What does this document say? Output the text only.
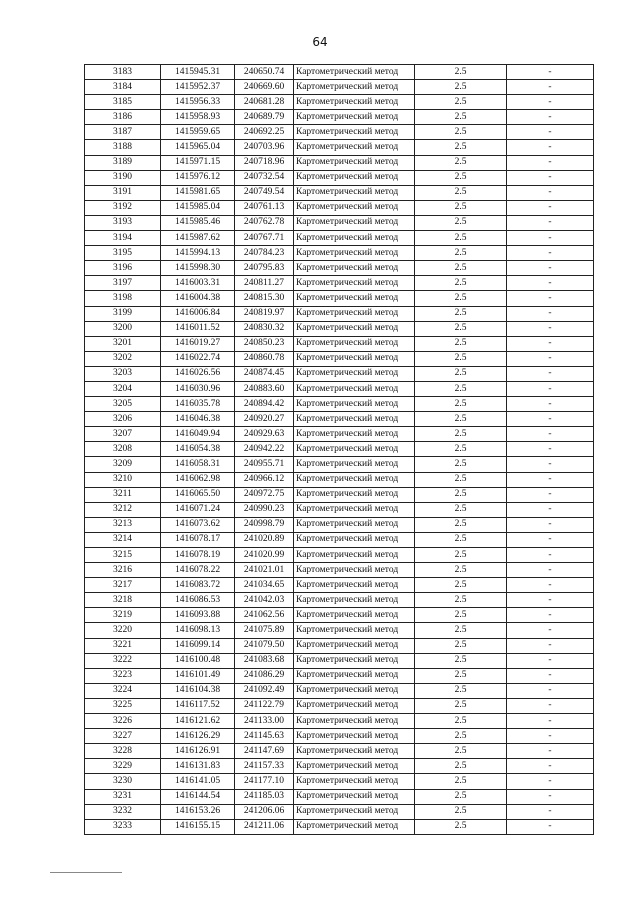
64
3183	1415945.31	240650.74	Картометрический метод	2.5	-
3184	1415952.37	240669.60	Картометрический метод	2.5	-
3185	1415956.33	240681.28	Картометрический метод	2.5	-
3186	1415958.93	240689.79	Картометрический метод	2.5	-
3187	1415959.65	240692.25	Картометрический метод	2.5	-
3188	1415965.04	240703.96	Картометрический метод	2.5	-
3189	1415971.15	240718.96	Картометрический метод	2.5	-
3190	1415976.12	240732.54	Картометрический метод	2.5	-
3191	1415981.65	240749.54	Картометрический метод	2.5	-
3192	1415985.04	240761.13	Картометрический метод	2.5	-
3193	1415985.46	240762.78	Картометрический метод	2.5	-
3194	1415987.62	240767.71	Картометрический метод	2.5	-
3195	1415994.13	240784.23	Картометрический метод	2.5	-
3196	1415998.30	240795.83	Картометрический метод	2.5	-
3197	1416003.31	240811.27	Картометрический метод	2.5	-
3198	1416004.38	240815.30	Картометрический метод	2.5	-
3199	1416006.84	240819.97	Картометрический метод	2.5	-
3200	1416011.52	240830.32	Картометрический метод	2.5	-
3201	1416019.27	240850.23	Картометрический метод	2.5	-
3202	1416022.74	240860.78	Картометрический метод	2.5	-
3203	1416026.56	240874.45	Картометрический метод	2.5	-
3204	1416030.96	240883.60	Картометрический метод	2.5	-
3205	1416035.78	240894.42	Картометрический метод	2.5	-
3206	1416046.38	240920.27	Картометрический метод	2.5	-
3207	1416049.94	240929.63	Картометрический метод	2.5	-
3208	1416054.38	240942.22	Картометрический метод	2.5	-
3209	1416058.31	240955.71	Картометрический метод	2.5	-
3210	1416062.98	240966.12	Картометрический метод	2.5	-
3211	1416065.50	240972.75	Картометрический метод	2.5	-
3212	1416071.24	240990.23	Картометрический метод	2.5	-
3213	1416073.62	240998.79	Картометрический метод	2.5	-
3214	1416078.17	241020.89	Картометрический метод	2.5	-
3215	1416078.19	241020.99	Картометрический метод	2.5	-
3216	1416078.22	241021.01	Картометрический метод	2.5	-
3217	1416083.72	241034.65	Картометрический метод	2.5	-
3218	1416086.53	241042.03	Картометрический метод	2.5	-
3219	1416093.88	241062.56	Картометрический метод	2.5	-
3220	1416098.13	241075.89	Картометрический метод	2.5	-
3221	1416099.14	241079.50	Картометрический метод	2.5	-
3222	1416100.48	241083.68	Картометрический метод	2.5	-
3223	1416101.49	241086.29	Картометрический метод	2.5	-
3224	1416104.38	241092.49	Картометрический метод	2.5	-
3225	1416117.52	241122.79	Картометрический метод	2.5	-
3226	1416121.62	241133.00	Картометрический метод	2.5	-
3227	1416126.29	241145.63	Картометрический метод	2.5	-
3228	1416126.91	241147.69	Картометрический метод	2.5	-
3229	1416131.83	241157.33	Картометрический метод	2.5	-
3230	1416141.05	241177.10	Картометрический метод	2.5	-
3231	1416144.54	241185.03	Картометрический метод	2.5	-
3232	1416153.26	241206.06	Картометрический метод	2.5	-
3233	1416155.15	241211.06	Картометрический метод	2.5	-
